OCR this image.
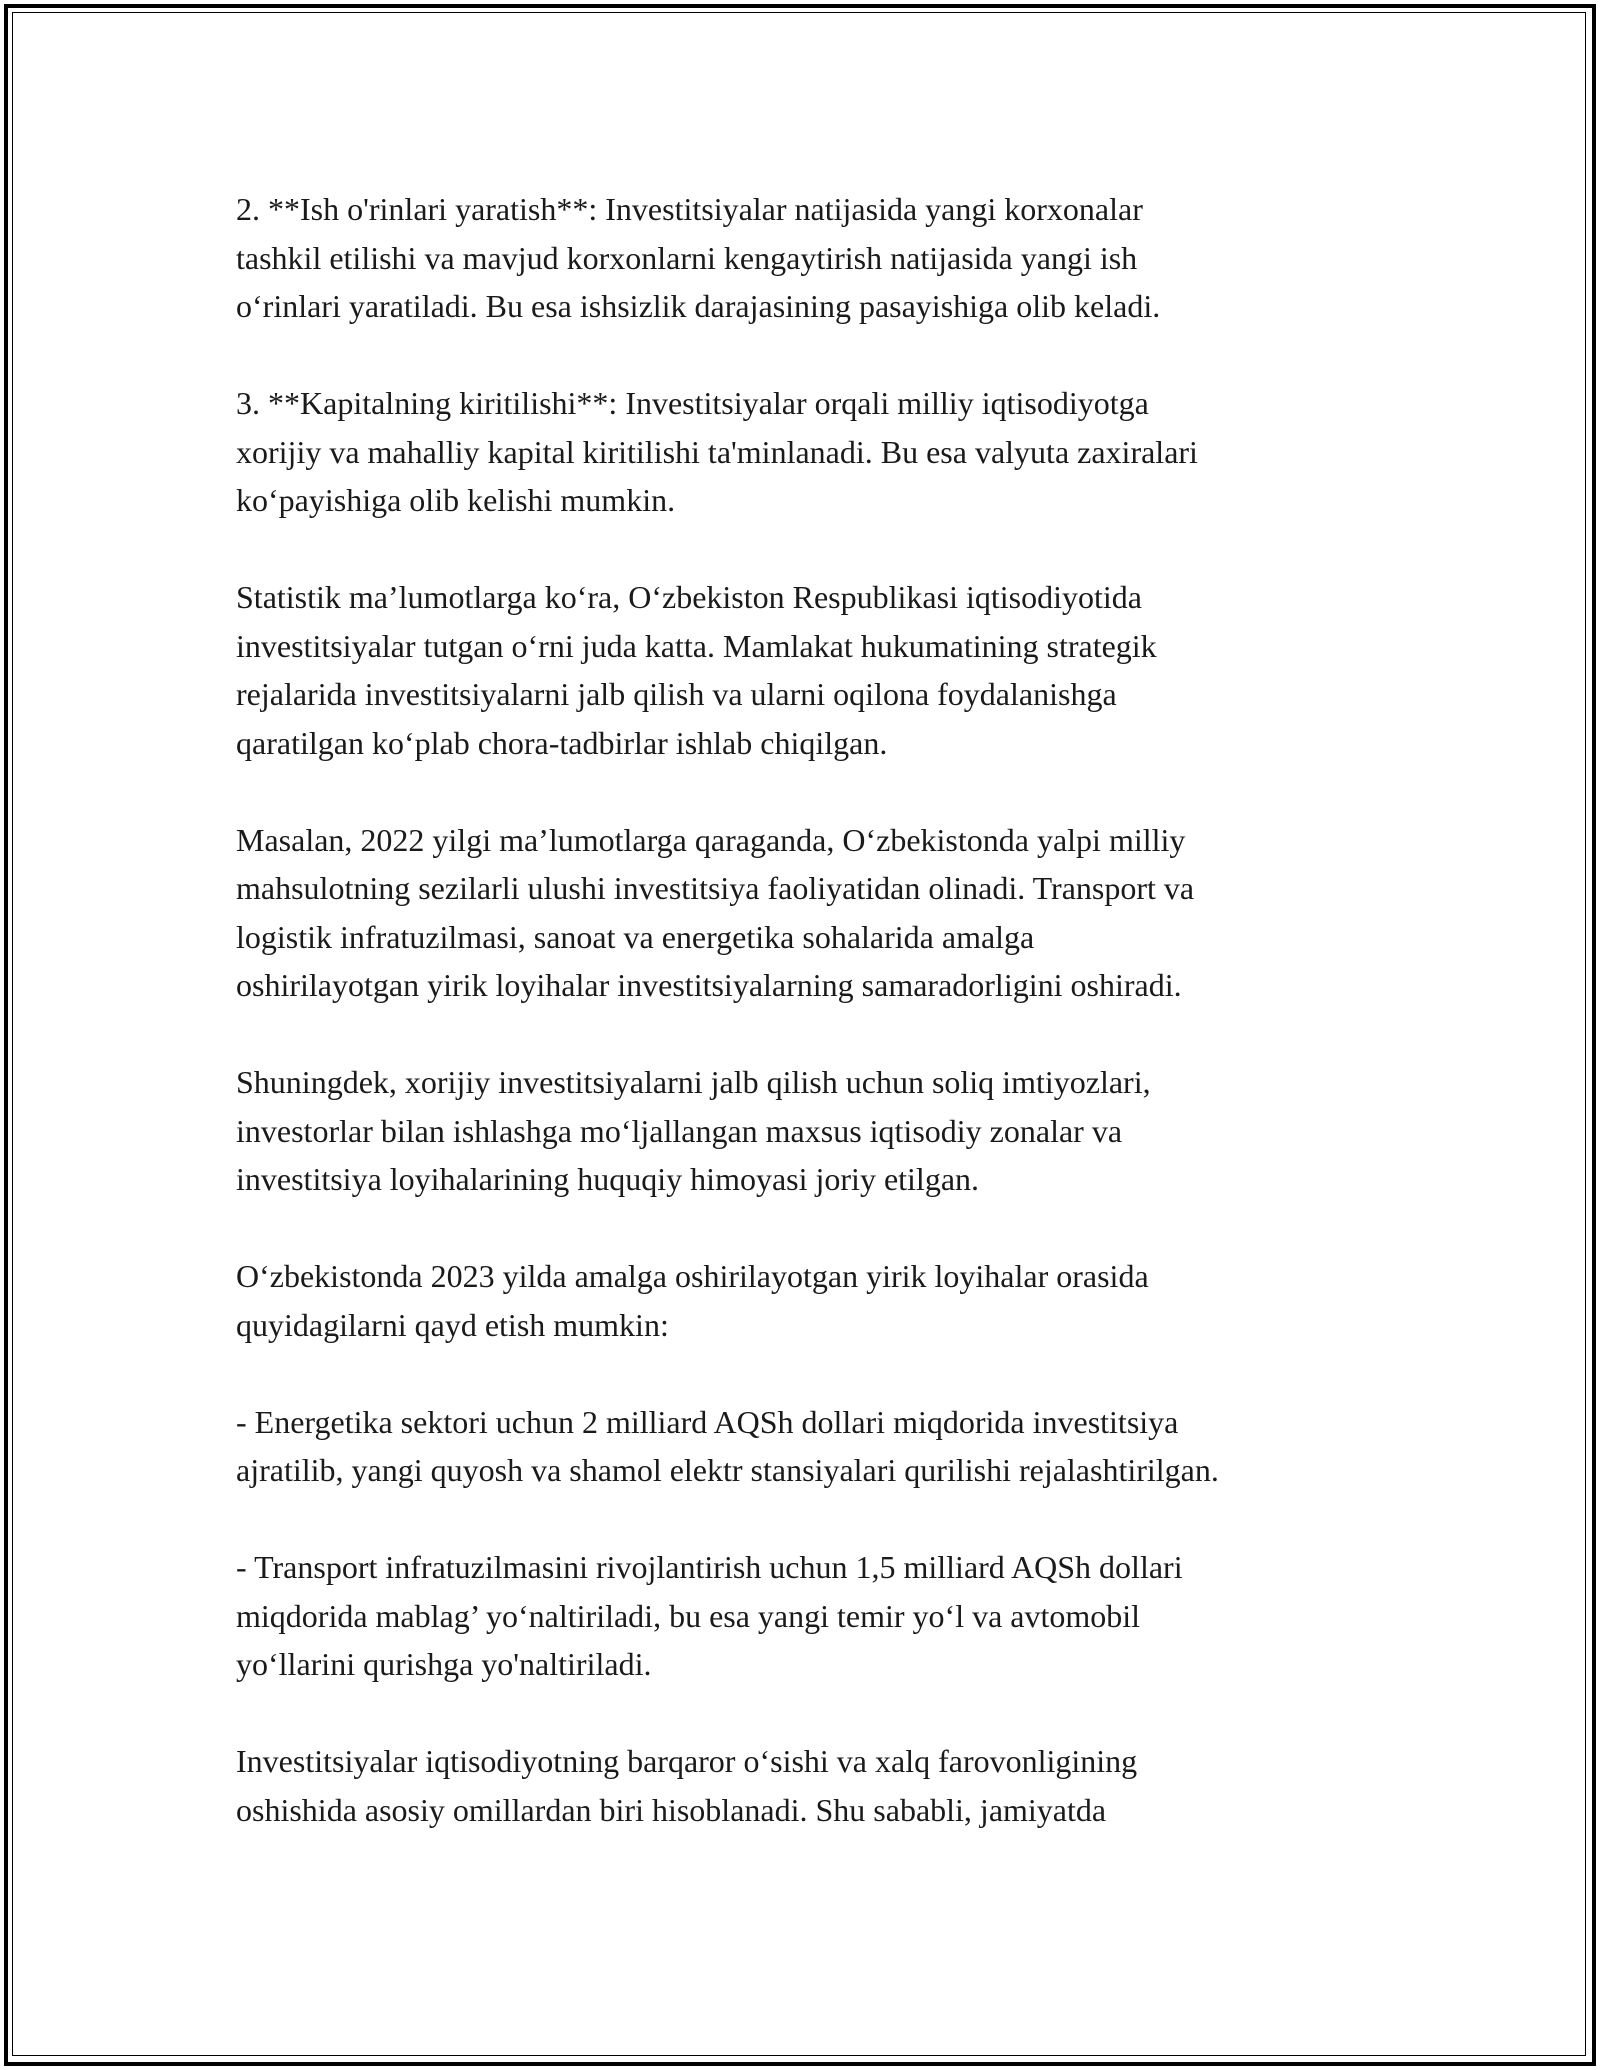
2. **Ish o'rinlari yaratish**: Investitsiyalar natijasida yangi korxonalar
tashkil etilishi va mavjud korxonlarni kengaytirish natijasida yangi ish
o‘rinlari yaratiladi. Bu esa ishsizlik darajasining pasayishiga olib keladi.

3. **Kapitalning kiritilishi**: Investitsiyalar orqali milliy iqtisodiyotga
xorijiy va mahalliy kapital kiritilishi ta'minlanadi. Bu esa valyuta zaxiralari
ko‘payishiga olib kelishi mumkin.

Statistik ma’lumotlarga ko‘ra, O‘zbekiston Respublikasi iqtisodiyotida
investitsiyalar tutgan o‘rni juda katta. Mamlakat hukumatining strategik
rejalarida investitsiyalarni jalb qilish va ularni oqilona foydalanishga
qaratilgan ko‘plab chora-tadbirlar ishlab chiqilgan.

Masalan, 2022 yilgi ma’lumotlarga qaraganda, O‘zbekistonda yalpi milliy
mahsulotning sezilarli ulushi investitsiya faoliyatidan olinadi. Transport va
logistik infratuzilmasi, sanoat va energetika sohalarida amalga
oshirilayotgan yirik loyihalar investitsiyalarning samaradorligini oshiradi.

Shuningdek, xorijiy investitsiyalarni jalb qilish uchun soliq imtiyozlari,
investorlar bilan ishlashga mo‘ljallangan maxsus iqtisodiy zonalar va
investitsiya loyihalarining huquqiy himoyasi joriy etilgan.

O‘zbekistonda 2023 yilda amalga oshirilayotgan yirik loyihalar orasida
quyidagilarni qayd etish mumkin:

- Energetika sektori uchun 2 milliard AQSh dollari miqdorida investitsiya
ajratilib, yangi quyosh va shamol elektr stansiyalari qurilishi rejalashtirilgan.

- Transport infratuzilmasini rivojlantirish uchun 1,5 milliard AQSh dollari
miqdorida mablag’ yo‘naltiriladi, bu esa yangi temir yo‘l va avtomobil
yo‘llarini qurishga yo'naltiriladi.

Investitsiyalar iqtisodiyotning barqaror o‘sishi va xalq farovonligining
oshishida asosiy omillardan biri hisoblanadi. Shu sababli, jamiyatda
